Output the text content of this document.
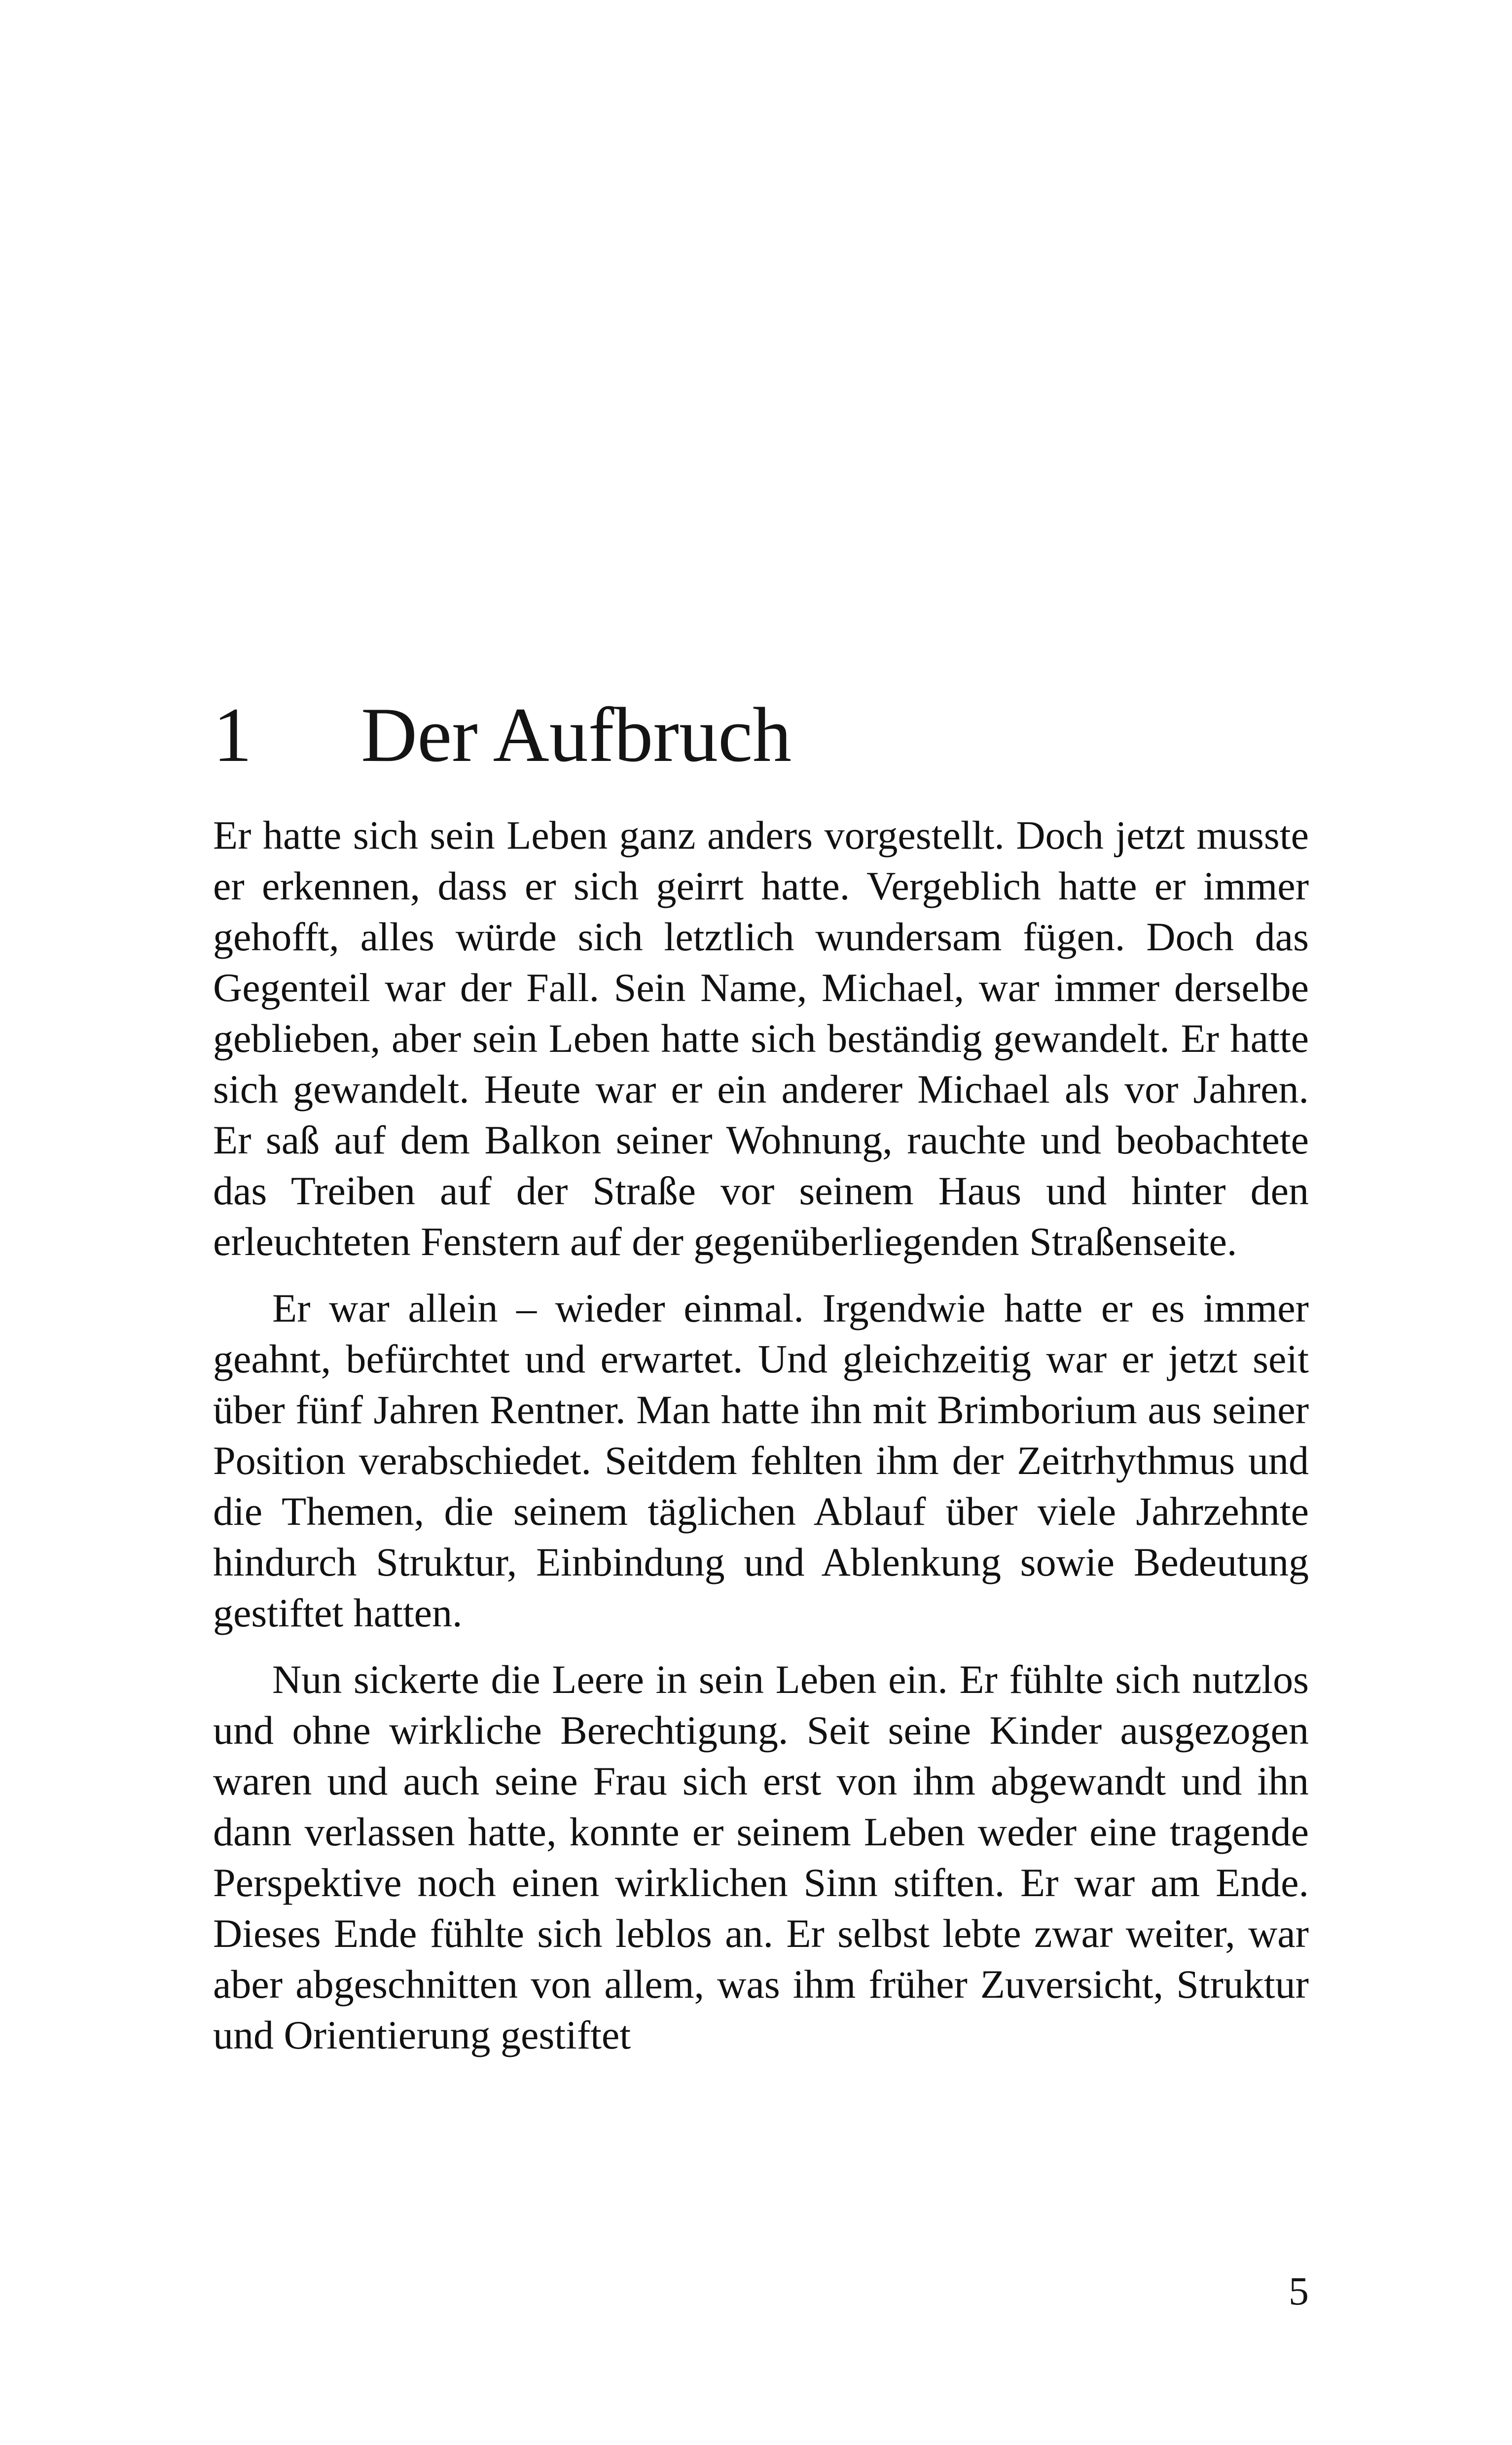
1	Der Aufbruch

Er hatte sich sein Leben ganz anders vorgestellt. Doch jetzt musste er erkennen, dass er sich geirrt hatte. Vergeblich hatte er immer gehofft, alles würde sich letztlich wundersam fügen. Doch das Gegenteil war der Fall. Sein Name, Michael, war immer derselbe geblieben, aber sein Leben hatte sich beständig gewandelt. Er hatte sich gewandelt. Heute war er ein anderer Michael als vor Jahren. Er saß auf dem Balkon seiner Wohnung, rauchte und beobachtete das Treiben auf der Straße vor seinem Haus und hinter den erleuchteten Fenstern auf der gegenüberliegenden Straßenseite.

Er war allein – wieder einmal. Irgendwie hatte er es immer geahnt, befürchtet und erwartet. Und gleichzeitig war er jetzt seit über fünf Jahren Rentner. Man hatte ihn mit Brimborium aus seiner Position verabschiedet. Seitdem fehlten ihm der Zeitrhythmus und die Themen, die seinem täglichen Ablauf über viele Jahrzehnte hindurch Struktur, Einbindung und Ablenkung sowie Bedeutung gestiftet hatten.

Nun sickerte die Leere in sein Leben ein. Er fühlte sich nutzlos und ohne wirkliche Berechtigung. Seit seine Kinder ausgezogen waren und auch seine Frau sich erst von ihm abgewandt und ihn dann verlassen hatte, konnte er seinem Leben weder eine tragende Perspektive noch einen wirklichen Sinn stiften. Er war am Ende. Dieses Ende fühlte sich leblos an. Er selbst lebte zwar weiter, war aber abgeschnitten von allem, was ihm früher Zuversicht, Struktur und Orientierung gestiftet

5
